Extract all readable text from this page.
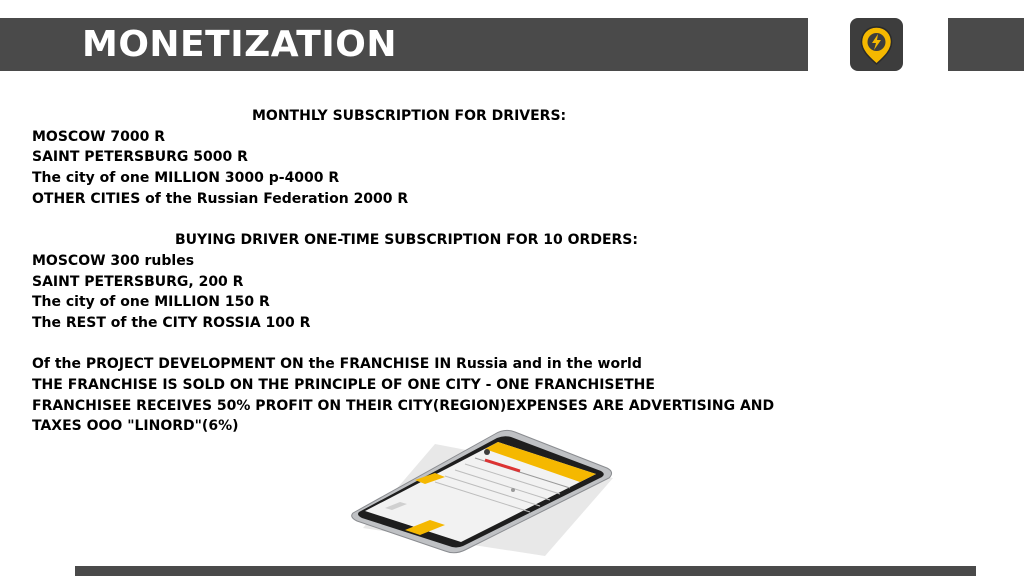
MONETIZATION
MONTHLY SUBSCRIPTION FOR DRIVERS:
MOSCOW 7000 R
SAINT PETERSBURG 5000 R
The city of one MILLION 3000 p-4000 R
OTHER CITIES of the Russian Federation 2000 R
BUYING DRIVER ONE-TIME SUBSCRIPTION FOR 10 ORDERS:
MOSCOW 300 rubles
SAINT PETERSBURG, 200 R
The city of one MILLION 150 R
The REST of the CITY ROSSIA 100 R
Of the PROJECT DEVELOPMENT ON the FRANCHISE IN Russia and in the world
THE FRANCHISE IS SOLD ON THE PRINCIPLE OF ONE CITY - ONE FRANCHISETHE
FRANCHISEE RECEIVES 50% PROFIT ON THEIR CITY(REGION)EXPENSES ARE ADVERTISING AND
TAXES OOO "LINORD"(6%)
